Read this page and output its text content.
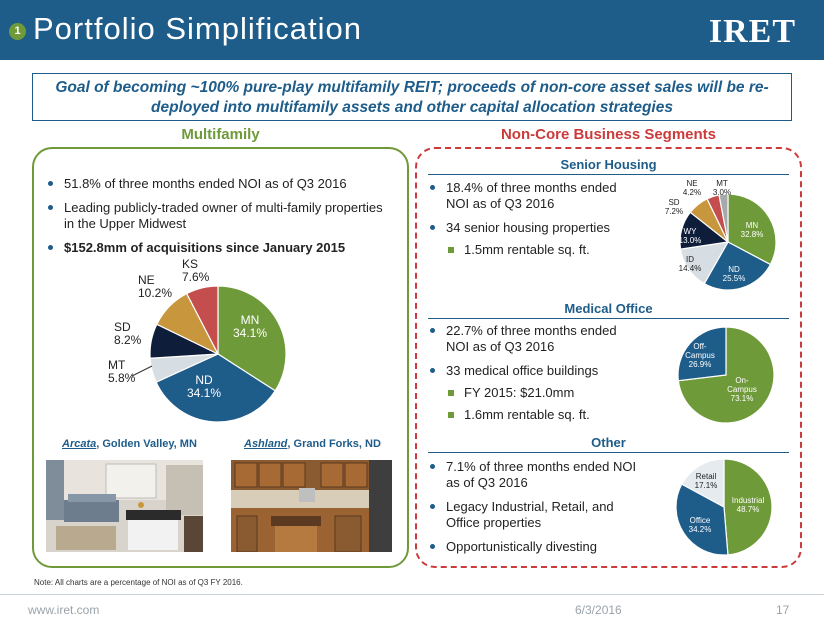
1 Portfolio Simplification	IRET
Goal of becoming ~100% pure-play multifamily REIT; proceeds of non-core asset sales will be re-deployed into multifamily assets and other capital allocation strategies
Multifamily	Non-Core Business Segments
51.8% of three months ended NOI as of Q3 2016
Leading publicly-traded owner of multi-family properties in the Upper Midwest
$152.8mm of acquisitions since January 2015
MN 34.1%
ND 34.1%
MT 5.8%
SD 8.2%
NE 10.2%
KS 7.6%
Arcata, Golden Valley, MN	Ashland, Grand Forks, ND
Senior Housing
18.4% of three months ended NOI as of Q3 2016
34 senior housing properties
1.5mm rentable sq. ft.
MN 32.8%
ND 25.5%
ID 14.4%
WY 13.0%
SD 7.2%
NE 4.2%
MT 3.0%
Medical Office
22.7% of three months ended NOI as of Q3 2016
33 medical office buildings
FY 2015: $21.0mm
1.6mm rentable sq. ft.
On-Campus 73.1%
Off-Campus 26.9%
Other
7.1% of three months ended NOI as of Q3 2016
Legacy Industrial, Retail, and Office properties
Opportunistically divesting
Industrial 48.7%
Office 34.2%
Retail 17.1%
Note: All charts are a percentage of NOI as of Q3 FY 2016.
www.iret.com	6/3/2016	17
